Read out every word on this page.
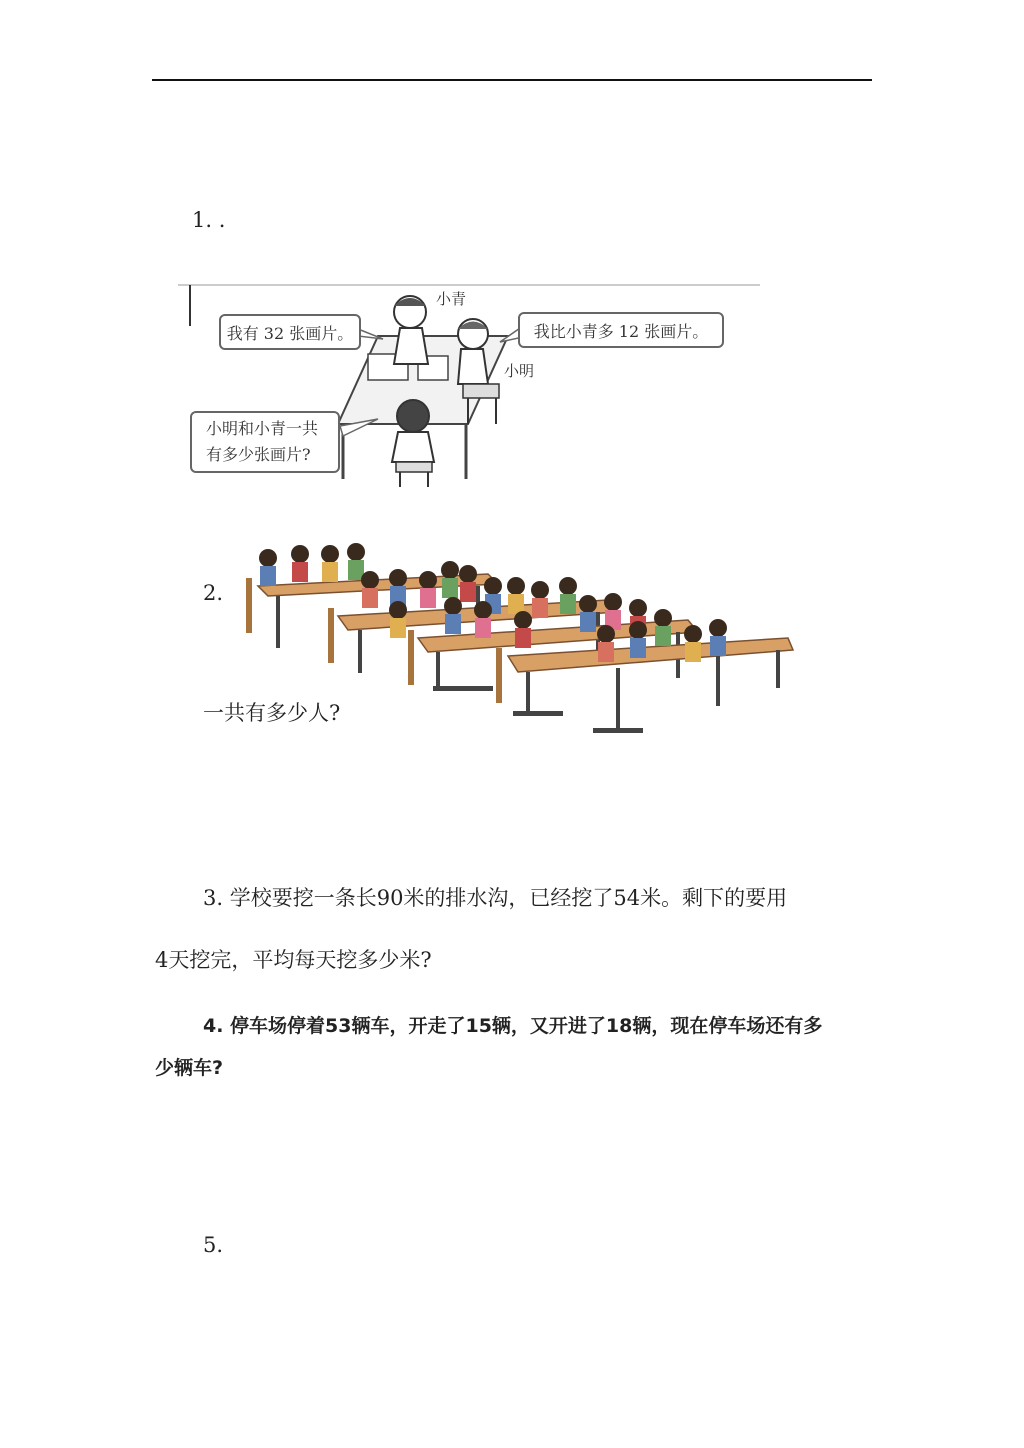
1. .
我有 32 张画片。	我比小青多 12 张画片。
小明和小青一共
有多少张画片?
小青
小明
2.
一共有多少人?
3. 学校要挖一条长90米的排水沟，已经挖了54米。剩下的要用
4天挖完，平均每天挖多少米?
4. 停车场停着53辆车，开走了15辆，又开进了18辆，现在停车场还有多
少辆车?
5.
